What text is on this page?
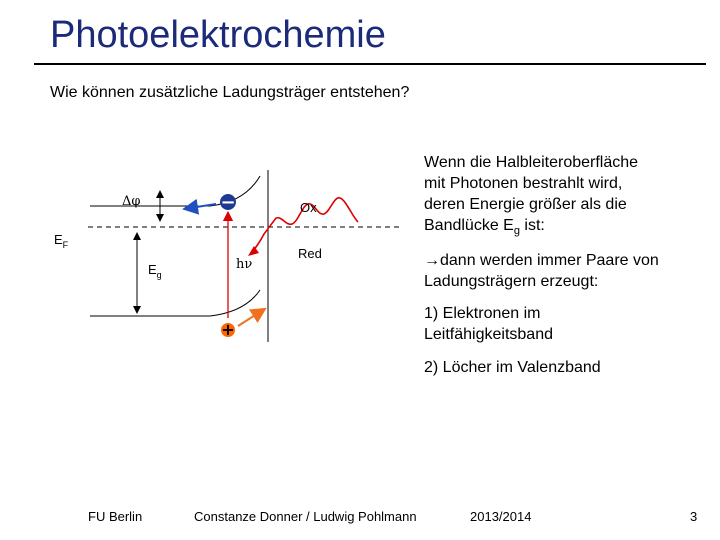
Photoelektrochemie
Wie können zusätzliche Ladungsträger entstehen?
−
+
Δφ
$E_F$
$E_g$
hν
Ox
Red
Wenn die Halbleiteroberfläche
mit Photonen bestrahlt wird,
deren Energie größer als die
Bandlücke $E_g$ ist:
→dann werden immer Paare von
Ladungsträgern erzeugt:
1) Elektronen im
Leitfähigkeitsband
2) Löcher im Valenzband
FU Berlin	Constanze Donner / Ludwig Pohlmann	2013/2014	3
